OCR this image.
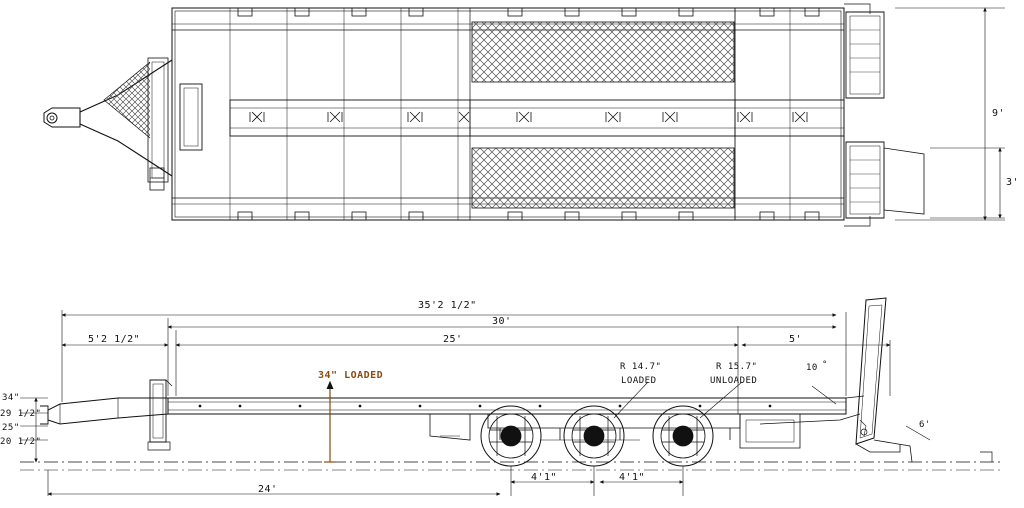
9'
3'
35'2 1/2"
30'
5'2 1/2"	25'	5'
34" LOADED
R 14.7"
LOADED
R 15.7"
UNLOADED
10 °
6'
34"
29 1/2"
25"
20 1/2"
24'
4'1"	4'1"
